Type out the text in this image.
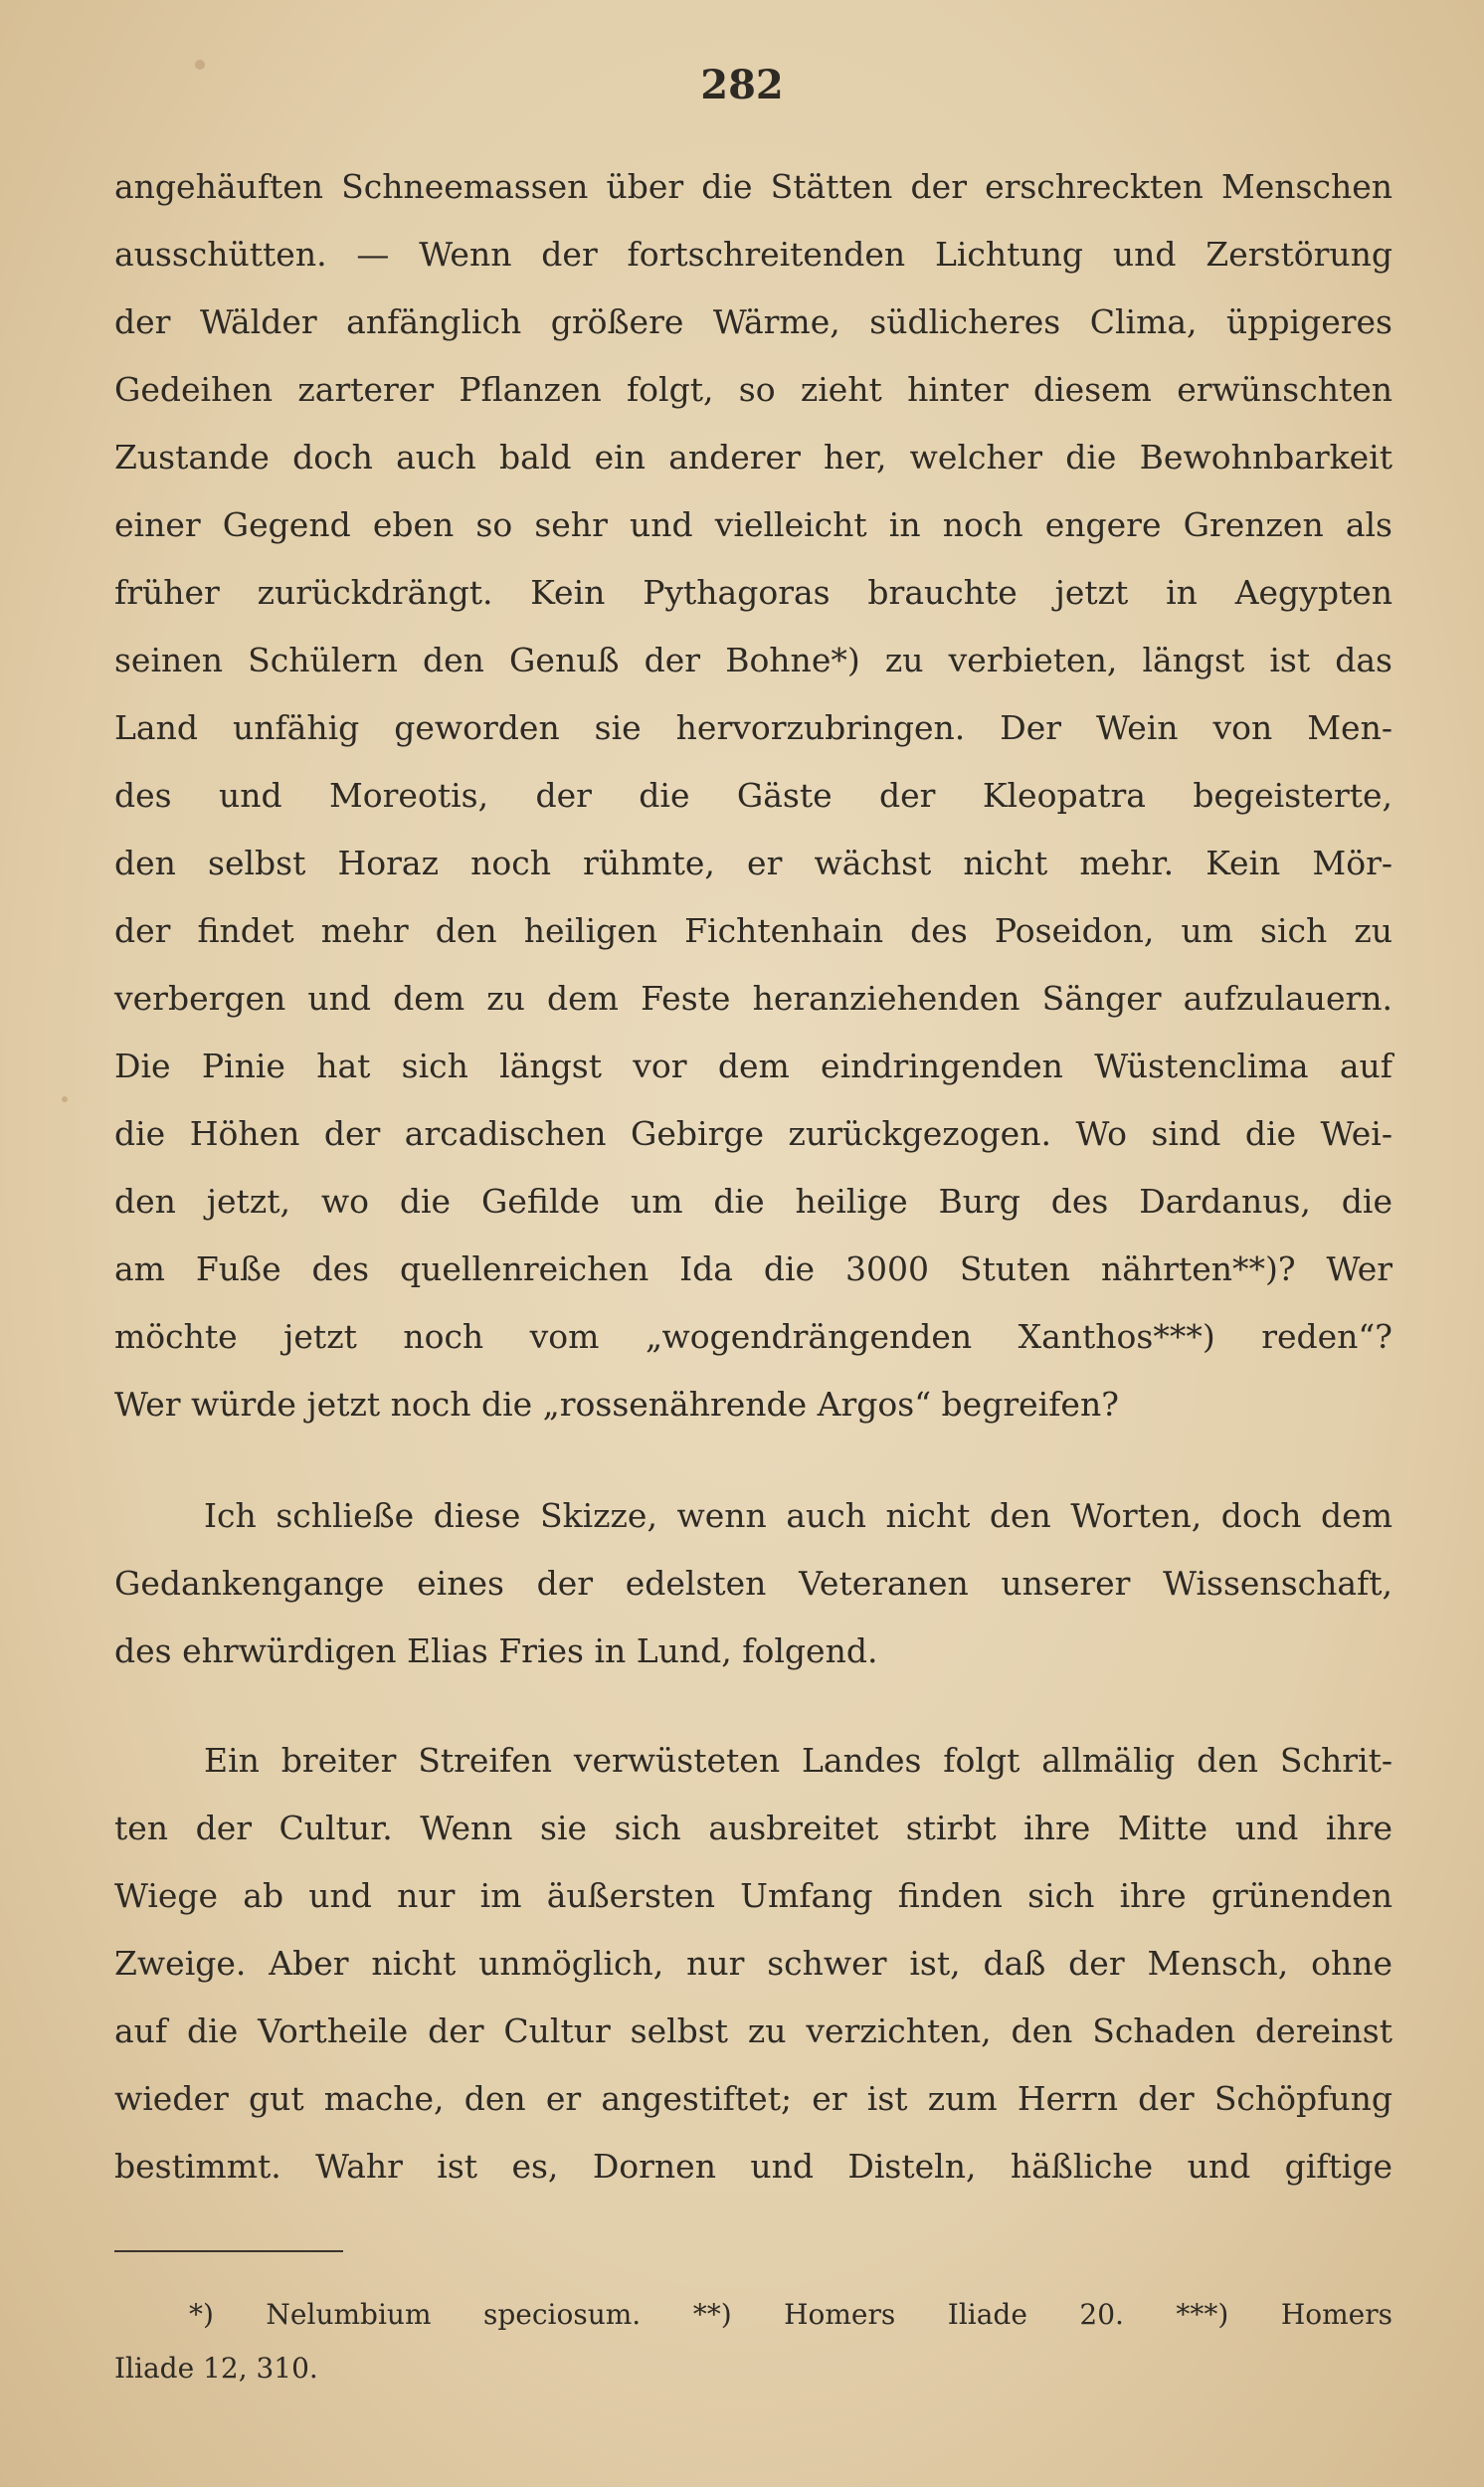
282
angehäuften Schneemassen über die Stätten der erschreckten Menschen
ausschütten. — Wenn der fortschreitenden Lichtung und Zerstörung
der Wälder anfänglich größere Wärme, südlicheres Clima, üppigeres
Gedeihen zarterer Pflanzen folgt, so zieht hinter diesem erwünschten
Zustande doch auch bald ein anderer her, welcher die Bewohnbarkeit
einer Gegend eben so sehr und vielleicht in noch engere Grenzen als
früher zurückdrängt. Kein Pythagoras brauchte jetzt in Aegypten
seinen Schülern den Genuß der Bohne*) zu verbieten, längst ist das
Land unfähig geworden sie hervorzubringen. Der Wein von Men-
des und Moreotis, der die Gäste der Kleopatra begeisterte,
den selbst Horaz noch rühmte, er wächst nicht mehr. Kein Mör-
der findet mehr den heiligen Fichtenhain des Poseidon, um sich zu
verbergen und dem zu dem Feste heranziehenden Sänger aufzulauern.
Die Pinie hat sich längst vor dem eindringenden Wüstenclima auf
die Höhen der arcadischen Gebirge zurückgezogen. Wo sind die Wei-
den jetzt, wo die Gefilde um die heilige Burg des Dardanus, die
am Fuße des quellenreichen Ida die 3000 Stuten nährten**)? Wer
möchte jetzt noch vom „wogendrängenden Xanthos***) reden“?
Wer würde jetzt noch die „rossenährende Argos“ begreifen?
Ich schließe diese Skizze, wenn auch nicht den Worten, doch dem
Gedankengange eines der edelsten Veteranen unserer Wissenschaft,
des ehrwürdigen Elias Fries in Lund, folgend.
Ein breiter Streifen verwüsteten Landes folgt allmälig den Schrit-
ten der Cultur. Wenn sie sich ausbreitet stirbt ihre Mitte und ihre
Wiege ab und nur im äußersten Umfang finden sich ihre grünenden
Zweige. Aber nicht unmöglich, nur schwer ist, daß der Mensch, ohne
auf die Vortheile der Cultur selbst zu verzichten, den Schaden dereinst
wieder gut mache, den er angestiftet; er ist zum Herrn der Schöpfung
bestimmt. Wahr ist es, Dornen und Disteln, häßliche und giftige
*) Nelumbium speciosum. **) Homers Iliade 20. ***) Homers
Iliade 12, 310.
